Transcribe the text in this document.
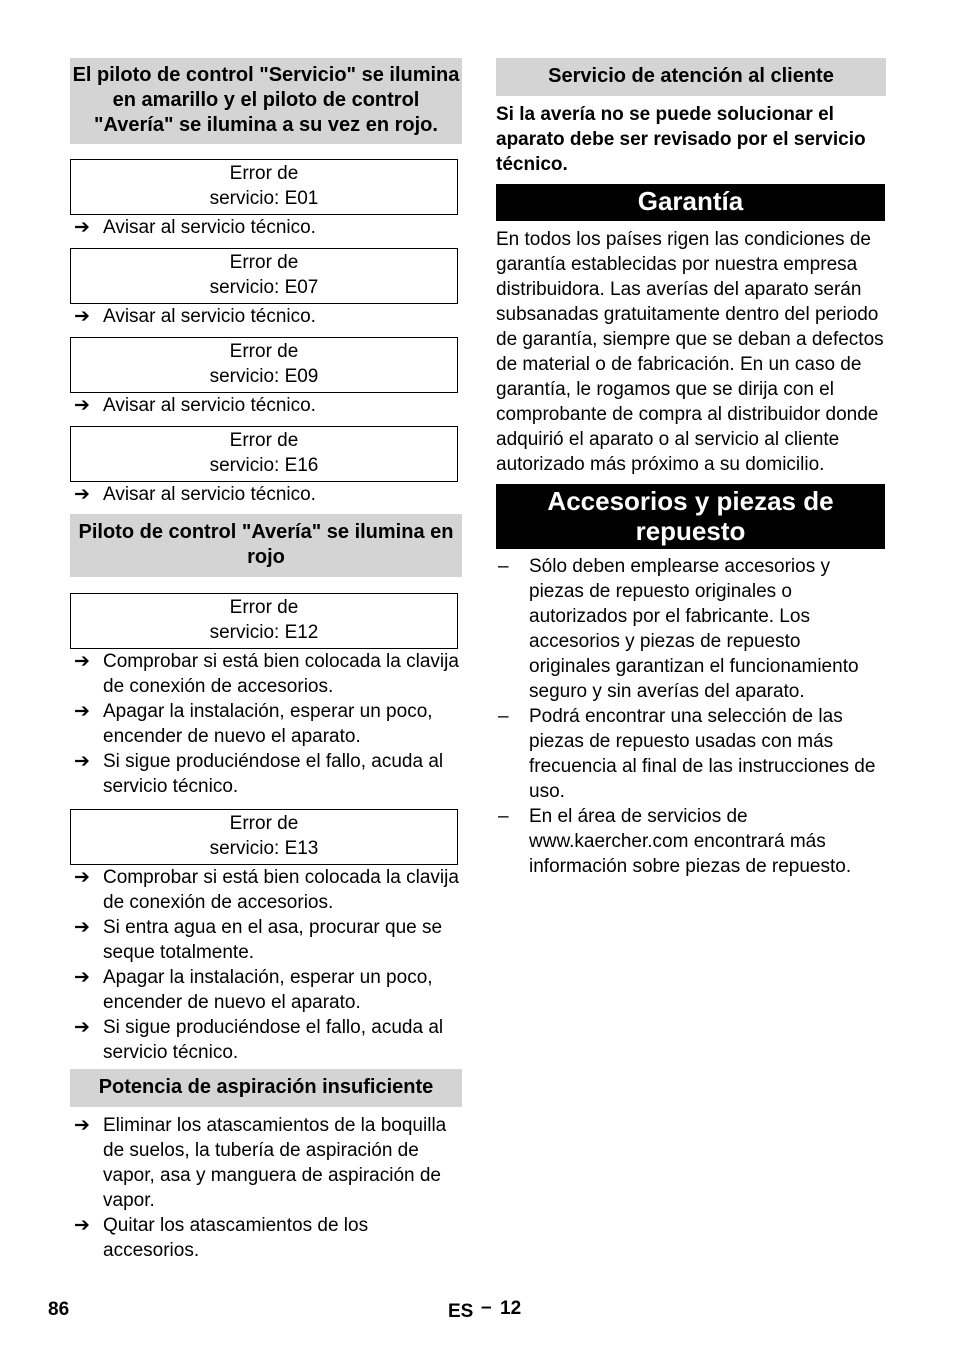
El piloto de control "Servicio" se ilumina en amarillo y el piloto de control "Avería" se ilumina a su vez en rojo.
Error de
servicio: E01
➔ Avisar al servicio técnico.
Error de
servicio: E07
➔ Avisar al servicio técnico.
Error de
servicio: E09
➔ Avisar al servicio técnico.
Error de
servicio: E16
➔ Avisar al servicio técnico.
Piloto de control "Avería" se ilumina en rojo
Error de
servicio: E12
➔ Comprobar si está bien colocada la clavija de conexión de accesorios.
➔ Apagar la instalación, esperar un poco, encender de nuevo el aparato.
➔ Si sigue produciéndose el fallo, acuda al servicio técnico.
Error de
servicio: E13
➔ Comprobar si está bien colocada la clavija de conexión de accesorios.
➔ Si entra agua en el asa, procurar que se seque totalmente.
➔ Apagar la instalación, esperar un poco, encender de nuevo el aparato.
➔ Si sigue produciéndose el fallo, acuda al servicio técnico.
Potencia de aspiración insuficiente
➔ Eliminar los atascamientos de la boquilla de suelos, la tubería de aspiración de vapor, asa y manguera de aspiración de vapor.
➔ Quitar los atascamientos de los accesorios.
Servicio de atención al cliente
Si la avería no se puede solucionar el aparato debe ser revisado por el servicio técnico.
Garantía
En todos los países rigen las condiciones de garantía establecidas por nuestra empresa distribuidora. Las averías del aparato serán subsanadas gratuitamente dentro del periodo de garantía, siempre que se deban a defectos de material o de fabricación. En un caso de garantía, le rogamos que se dirija con el comprobante de compra al distribuidor donde adquirió el aparato o al servicio al cliente autorizado más próximo a su domicilio.
Accesorios y piezas de repuesto
– Sólo deben emplearse accesorios y piezas de repuesto originales o autorizados por el fabricante. Los accesorios y piezas de repuesto originales garantizan el funcionamiento seguro y sin averías del aparato.
– Podrá encontrar una selección de las piezas de repuesto usadas con más frecuencia al final de las instrucciones de uso.
– En el área de servicios de www.kaercher.com encontrará más información sobre piezas de repuesto.
86	ES – 12
